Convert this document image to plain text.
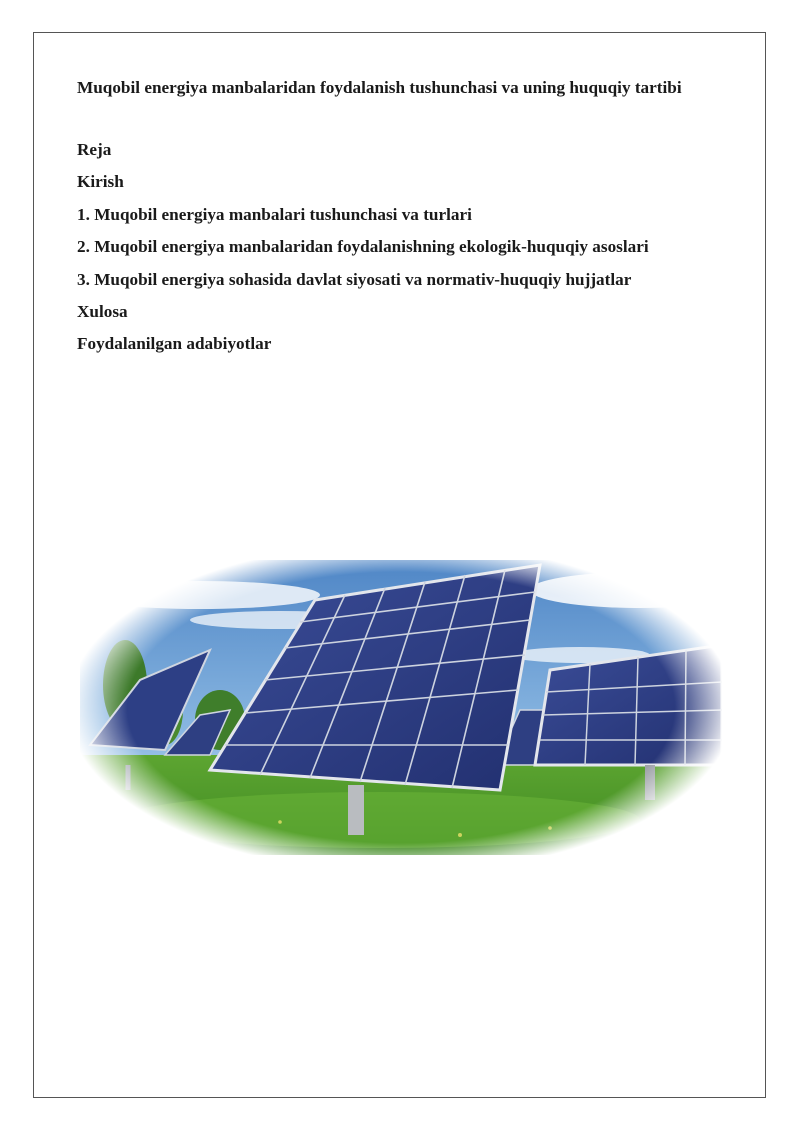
Muqobil energiya manbalaridan foydalanish tushunchasi va uning huquqiy tartibi
Reja
Kirish
1. Muqobil energiya manbalari tushunchasi va turlari
2. Muqobil energiya manbalaridan foydalanishning ekologik-huquqiy asoslari
3. Muqobil energiya sohasida davlat siyosati va normativ-huquqiy hujjatlar
Xulosa
Foydalanilgan adabiyotlar
